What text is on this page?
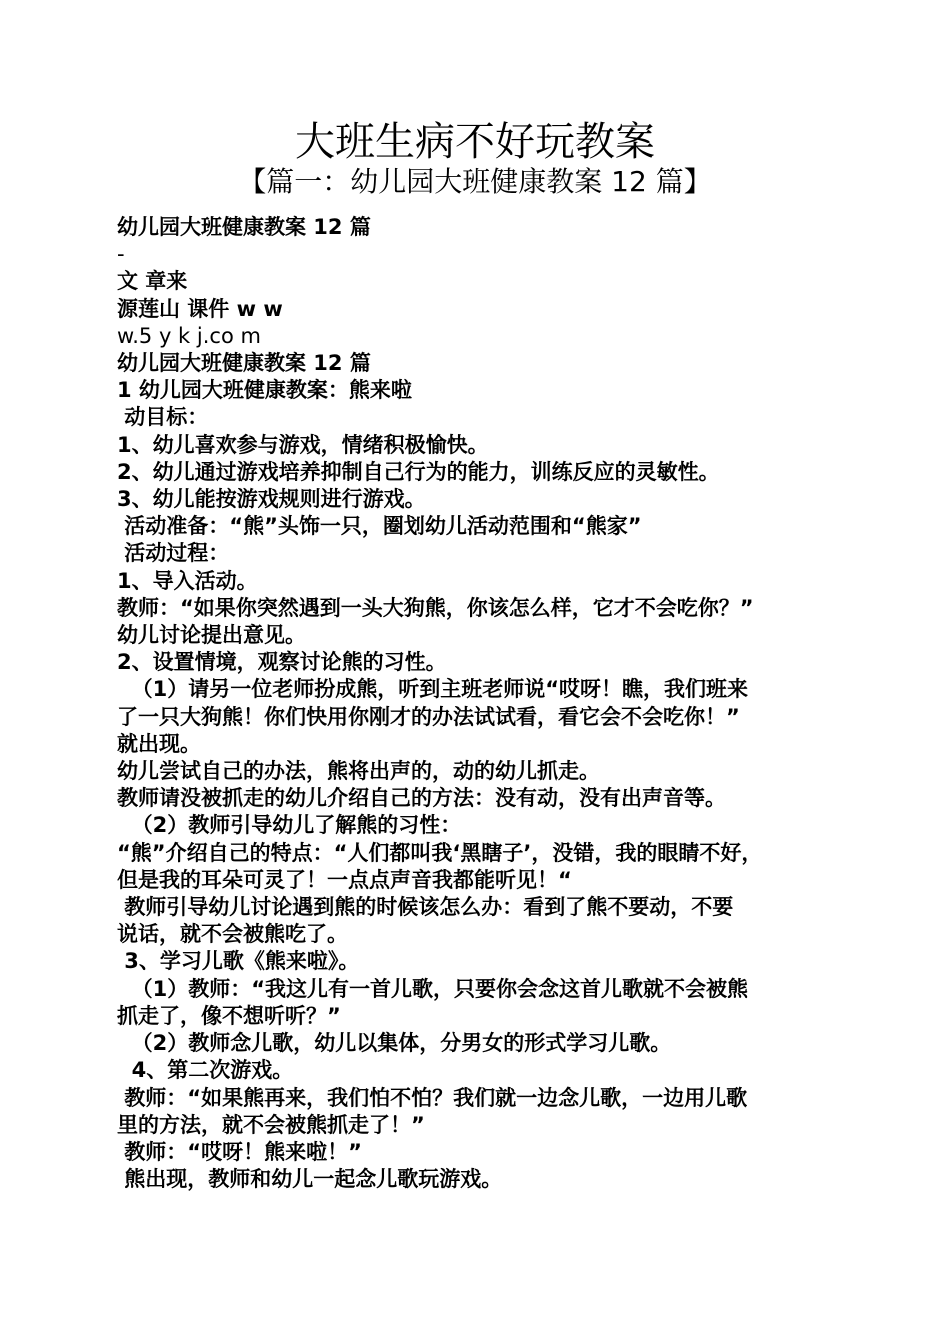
大班生病不好玩教案
【篇一：幼儿园大班健康教案 12 篇】
幼儿园大班健康教案 12 篇
-
文 章来
源莲山 课件 w w
w.5 y k j.co m
幼儿园大班健康教案 12 篇
1 幼儿园大班健康教案：熊来啦
动目标：
1、幼儿喜欢参与游戏，情绪积极愉快。
2、幼儿通过游戏培养抑制自己行为的能力，训练反应的灵敏性。
3、幼儿能按游戏规则进行游戏。
活动准备：“熊”头饰一只，圈划幼儿活动范围和“熊家”
活动过程：
1、导入活动。
教师：“如果你突然遇到一头大狗熊，你该怎么样，它才不会吃你？”
幼儿讨论提出意见。
2、设置情境，观察讨论熊的习性。
（1）请另一位老师扮成熊，听到主班老师说“哎呀！瞧，我们班来
了一只大狗熊！你们快用你刚才的办法试试看，看它会不会吃你！”
就出现。
幼儿尝试自己的办法，熊将出声的，动的幼儿抓走。
教师请没被抓走的幼儿介绍自己的方法：没有动，没有出声音等。
（2）教师引导幼儿了解熊的习性：
“熊”介绍自己的特点：“人们都叫我‘黑瞎子’，没错，我的眼睛不好，
但是我的耳朵可灵了！一点点声音我都能听见！“
教师引导幼儿讨论遇到熊的时候该怎么办：看到了熊不要动，不要
说话，就不会被熊吃了。
3、学习儿歌《熊来啦》。
（1）教师：“我这儿有一首儿歌，只要你会念这首儿歌就不会被熊
抓走了，像不想听听？”
（2）教师念儿歌，幼儿以集体，分男女的形式学习儿歌。
4、第二次游戏。
教师：“如果熊再来，我们怕不怕？我们就一边念儿歌，一边用儿歌
里的方法，就不会被熊抓走了！”
教师：“哎呀！熊来啦！”
熊出现，教师和幼儿一起念儿歌玩游戏。
